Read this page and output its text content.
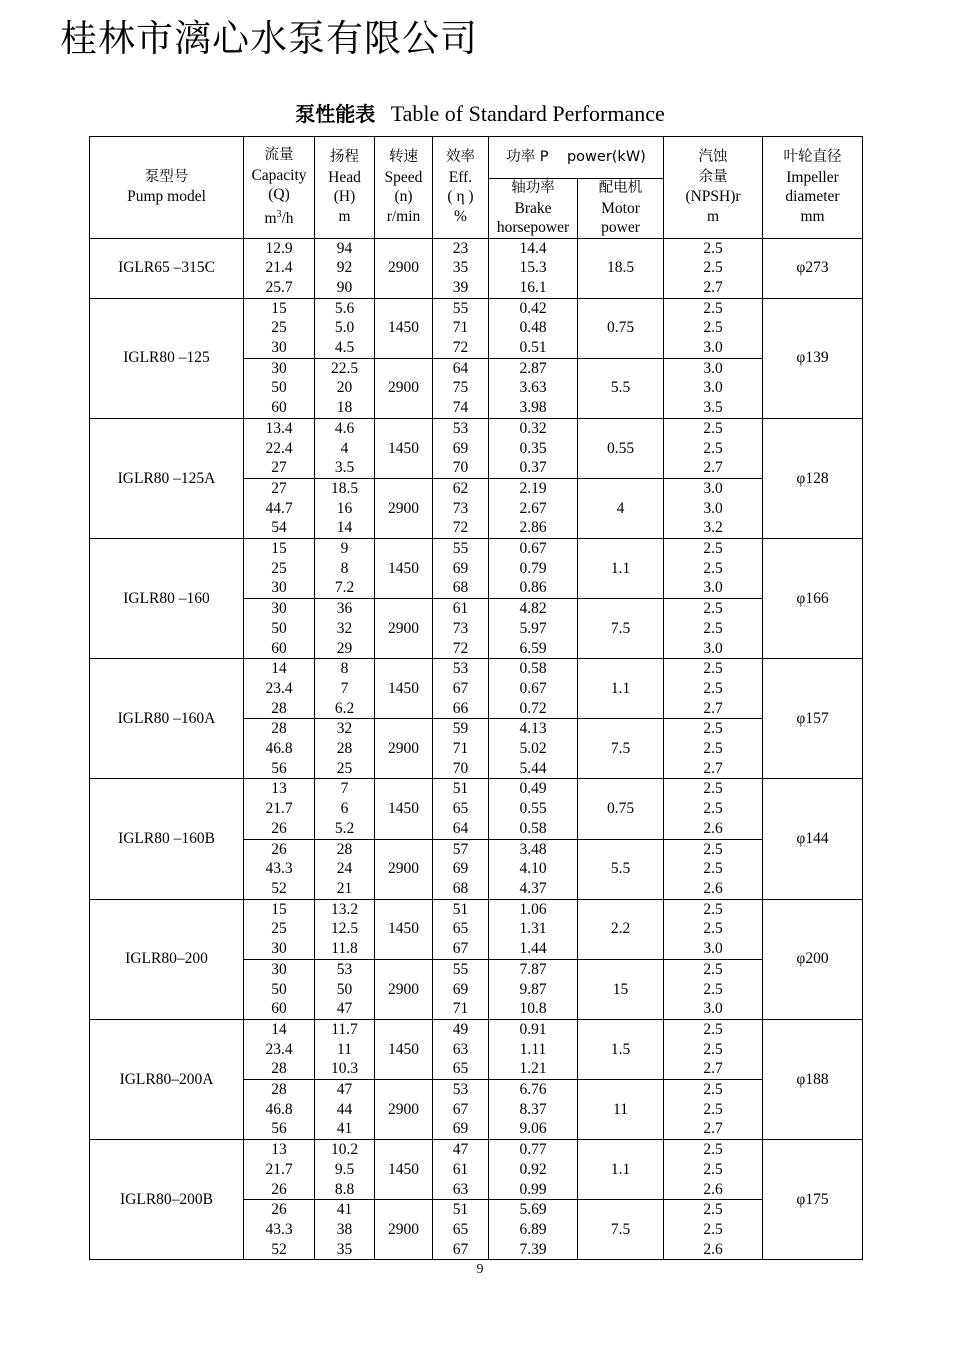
桂林市漓心水泵有限公司
泵性能表 Table of Standard Performance
泵型号
Pump model	流量
Capacity
(Q)
$m^3/h$	扬程
Head
(H)
m	转速
Speed
(n)
r/min	效率
Eff.
( η )
%	功率 P    power(kW)		汽蚀
余量
(NPSH)r
m	叶轮直径
Impeller
diameter
mm

					轴功率
Brake
horsepower	配电机
Motor
power		

IGLR65 –315C	12.9
21.4
25.7	94
92
90	2900	23
35
39	14.4
15.3
16.1	18.5	2.5
2.5
2.7	φ273
IGLR80 –125	15
25
30	5.6
5.0
4.5	1450	55
71
72	0.42
0.48
0.51	0.75	2.5
2.5
3.0	φ139

	30
50
60	22.5
20
18	2900	64
75
74	2.87
3.63
3.98	5.5	3.0
3.0
3.5	

IGLR80 –125A	13.4
22.4
27	4.6
4
3.5	1450	53
69
70	0.32
0.35
0.37	0.55	2.5
2.5
2.7	φ128

	27
44.7
54	18.5
16
14	2900	62
73
72	2.19
2.67
2.86	4	3.0
3.0
3.2	

IGLR80 –160	15
25
30	9
8
7.2	1450	55
69
68	0.67
0.79
0.86	1.1	2.5
2.5
3.0	φ166

	30
50
60	36
32
29	2900	61
73
72	4.82
5.97
6.59	7.5	2.5
2.5
3.0	

IGLR80 –160A	14
23.4
28	8
7
6.2	1450	53
67
66	0.58
0.67
0.72	1.1	2.5
2.5
2.7	φ157

	28
46.8
56	32
28
25	2900	59
71
70	4.13
5.02
5.44	7.5	2.5
2.5
2.7	

IGLR80 –160B	13
21.7
26	7
6
5.2	1450	51
65
64	0.49
0.55
0.58	0.75	2.5
2.5
2.6	φ144

	26
43.3
52	28
24
21	2900	57
69
68	3.48
4.10
4.37	5.5	2.5
2.5
2.6	

IGLR80–200	15
25
30	13.2
12.5
11.8	1450	51
65
67	1.06
1.31
1.44	2.2	2.5
2.5
3.0	φ200

	30
50
60	53
50
47	2900	55
69
71	7.87
9.87
10.8	15	2.5
2.5
3.0	

IGLR80–200A	14
23.4
28	11.7
11
10.3	1450	49
63
65	0.91
1.11
1.21	1.5	2.5
2.5
2.7	φ188

	28
46.8
56	47
44
41	2900	53
67
69	6.76
8.37
9.06	11	2.5
2.5
2.7	

IGLR80–200B	13
21.7
26	10.2
9.5
8.8	1450	47
61
63	0.77
0.92
0.99	1.1	2.5
2.5
2.6	φ175

	26
43.3
52	41
38
35	2900	51
65
67	5.69
6.89
7.39	7.5	2.5
2.5
2.6	
9
